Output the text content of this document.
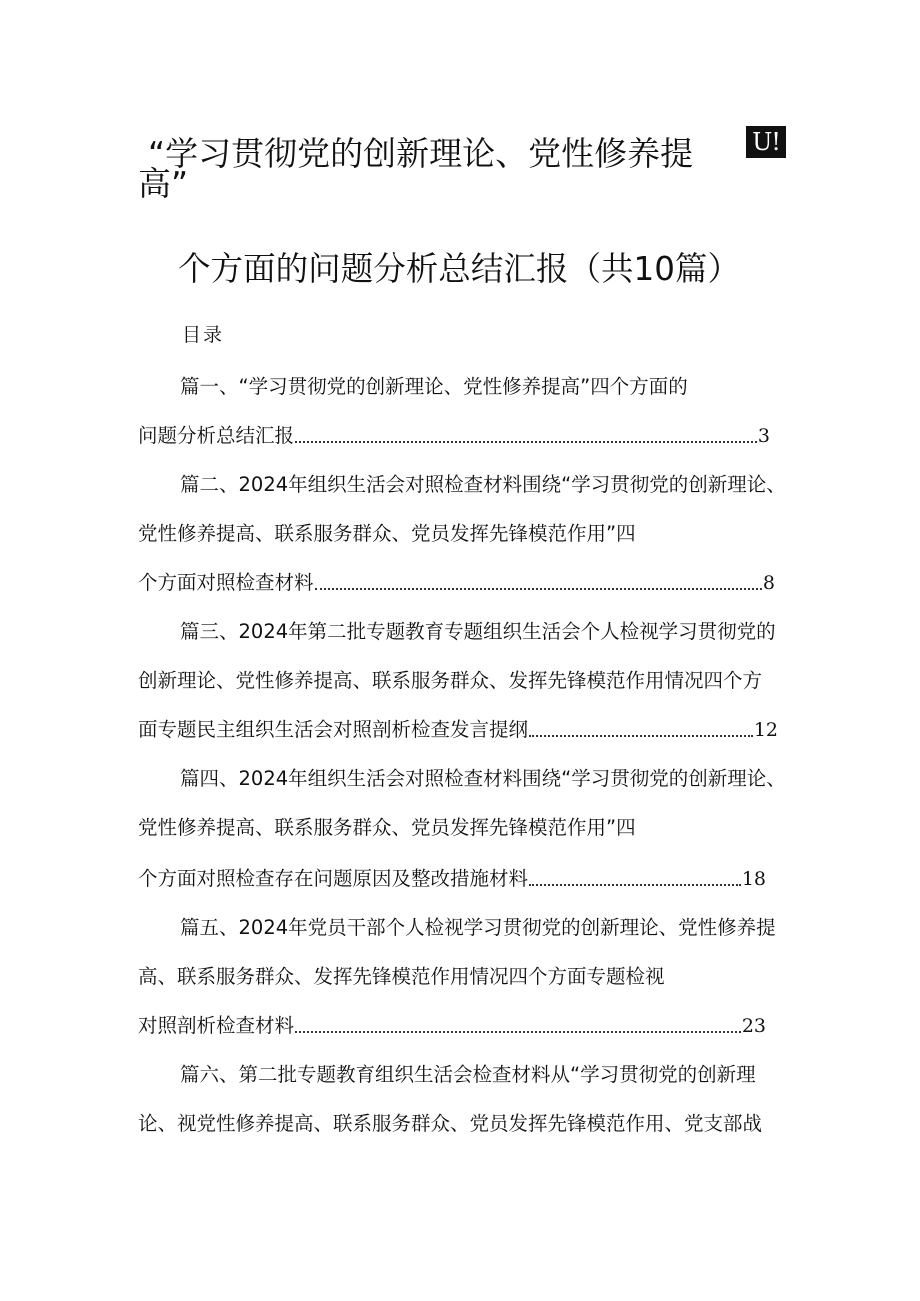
U!
“学习贯彻党的创新理论、党性修养提
高”
个方面的问题分析总结汇报（共10篇）
目录
篇一、“学习贯彻党的创新理论、党性修养提高”四个方面的
问题分析总结汇报	3
篇二、2024年组织生活会对照检查材料围绕“学习贯彻党的创新理论、
党性修养提高、联系服务群众、党员发挥先锋模范作用”四
个方面对照检查材料	8
篇三、2024年第二批专题教育专题组织生活会个人检视学习贯彻党的
创新理论、党性修养提高、联系服务群众、发挥先锋模范作用情况四个方
面专题民主组织生活会对照剖析检查发言提纲	12
篇四、2024年组织生活会对照检查材料围绕“学习贯彻党的创新理论、
党性修养提高、联系服务群众、党员发挥先锋模范作用”四
个方面对照检查存在问题原因及整改措施材料	18
篇五、2024年党员干部个人检视学习贯彻党的创新理论、党性修养提
高、联系服务群众、发挥先锋模范作用情况四个方面专题检视
对照剖析检查材料	23
篇六、第二批专题教育组织生活会检查材料从“学习贯彻党的创新理
论、视党性修养提高、联系服务群众、党员发挥先锋模范作用、党支部战
